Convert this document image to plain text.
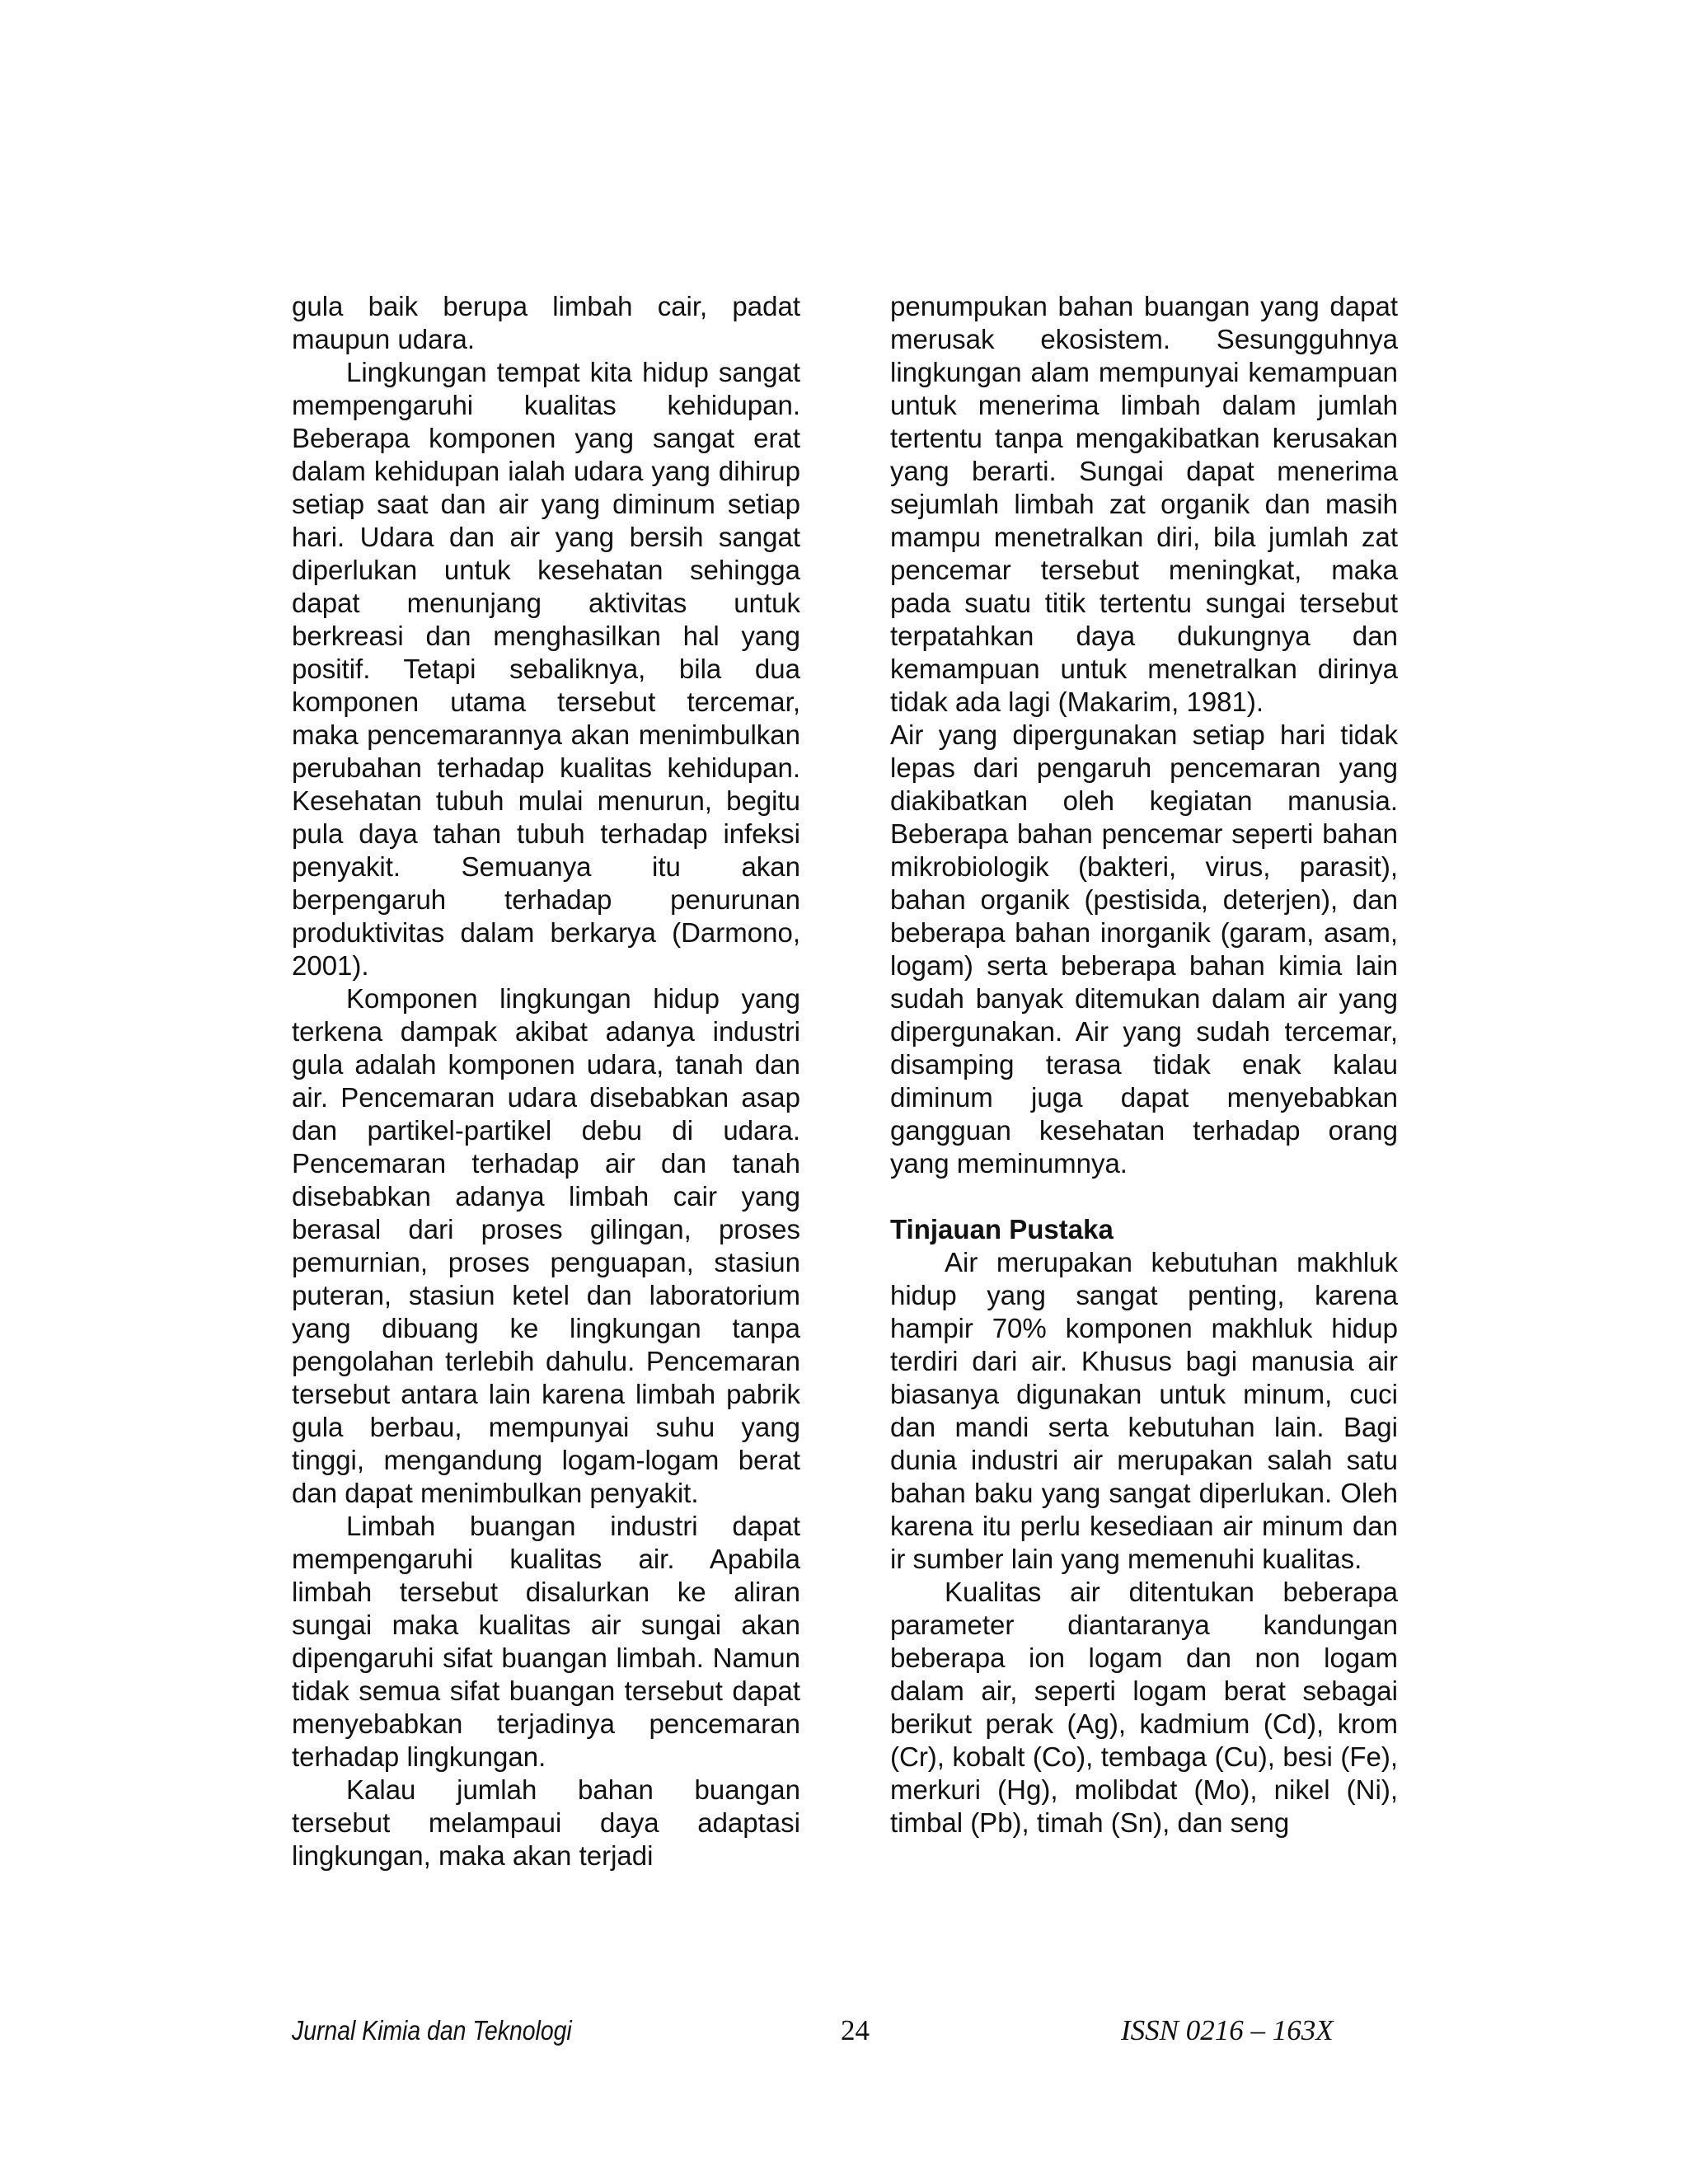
gula baik berupa limbah cair, padat maupun udara.

Lingkungan tempat kita hidup sangat mempengaruhi kualitas kehidupan. Beberapa komponen yang sangat erat dalam kehidupan ialah udara yang dihirup setiap saat dan air yang diminum setiap hari. Udara dan air yang bersih sangat diperlukan untuk kesehatan sehingga dapat menunjang aktivitas untuk berkreasi dan menghasilkan hal yang positif. Tetapi sebaliknya, bila dua komponen utama tersebut tercemar, maka pencemarannya akan menimbulkan perubahan terhadap kualitas kehidupan. Kesehatan tubuh mulai menurun, begitu pula daya tahan tubuh terhadap infeksi penyakit. Semuanya itu akan berpengaruh terhadap penurunan produktivitas dalam berkarya (Darmono, 2001).

Komponen lingkungan hidup yang terkena dampak akibat adanya industri gula adalah komponen udara, tanah dan air. Pencemaran udara disebabkan asap dan partikel-partikel debu di udara. Pencemaran terhadap air dan tanah disebabkan adanya limbah cair yang berasal dari proses gilingan, proses pemurnian, proses penguapan, stasiun puteran, stasiun ketel dan laboratorium yang dibuang ke lingkungan tanpa pengolahan terlebih dahulu. Pencemaran tersebut antara lain karena limbah pabrik gula berbau, mempunyai suhu yang tinggi, mengandung logam-logam berat dan dapat menimbulkan penyakit.

Limbah buangan industri dapat mempengaruhi kualitas air. Apabila limbah tersebut disalurkan ke aliran sungai maka kualitas air sungai akan dipengaruhi sifat buangan limbah. Namun tidak semua sifat buangan tersebut dapat menyebabkan terjadinya pencemaran terhadap lingkungan.

Kalau jumlah bahan buangan tersebut melampaui daya adaptasi lingkungan, maka akan terjadi

penumpukan bahan buangan yang dapat merusak ekosistem. Sesungguhnya lingkungan alam mempunyai kemampuan untuk menerima limbah dalam jumlah tertentu tanpa mengakibatkan kerusakan yang berarti. Sungai dapat menerima sejumlah limbah zat organik dan masih mampu menetralkan diri, bila jumlah zat pencemar tersebut meningkat, maka pada suatu titik tertentu sungai tersebut terpatahkan daya dukungnya dan kemampuan untuk menetralkan dirinya tidak ada lagi (Makarim, 1981).

Air yang dipergunakan setiap hari tidak lepas dari pengaruh pencemaran yang diakibatkan oleh kegiatan manusia. Beberapa bahan pencemar seperti bahan mikrobiologik (bakteri, virus, parasit), bahan organik (pestisida, deterjen), dan beberapa bahan inorganik (garam, asam, logam) serta beberapa bahan kimia lain sudah banyak ditemukan dalam air yang dipergunakan. Air yang sudah tercemar, disamping terasa tidak enak kalau diminum juga dapat menyebabkan gangguan kesehatan terhadap orang yang meminumnya.

Tinjauan Pustaka

Air merupakan kebutuhan makhluk hidup yang sangat penting, karena hampir 70% komponen makhluk hidup terdiri dari air. Khusus bagi manusia air biasanya digunakan untuk minum, cuci dan mandi serta kebutuhan lain. Bagi dunia industri air merupakan salah satu bahan baku yang sangat diperlukan. Oleh karena itu perlu kesediaan air minum dan ir sumber lain yang memenuhi kualitas.

Kualitas air ditentukan beberapa parameter diantaranya kandungan beberapa ion logam dan non logam dalam air, seperti logam berat sebagai berikut perak (Ag), kadmium (Cd), krom (Cr), kobalt (Co), tembaga (Cu), besi (Fe), merkuri (Hg), molibdat (Mo), nikel (Ni), timbal (Pb), timah (Sn), dan seng

Jurnal Kimia dan Teknologi	24	ISSN 0216 – 163X
